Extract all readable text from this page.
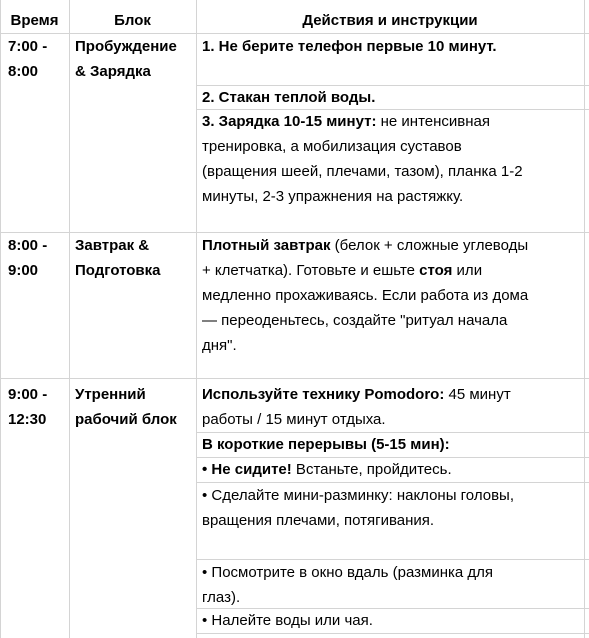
Время	Блок	Действия и инструкции
7:00 -
8:00
Пробуждение
& Зарядка
1. Не берите телефон первые 10 минут.
2. Стакан теплой воды.
3. Зарядка 10-15 минут: не интенсивная
тренировка, а мобилизация суставов
(вращения шеей, плечами, тазом), планка 1-2
минуты, 2-3 упражнения на растяжку.
8:00 -
9:00
Завтрак &
Подготовка
Плотный завтрак (белок + сложные углеводы
+ клетчатка). Готовьте и ешьте стоя или
медленно прохаживаясь. Если работа из дома
— переоденьтесь, создайте "ритуал начала
дня".
9:00 -
12:30
Утренний
рабочий блок
Используйте технику Pomodoro: 45 минут
работы / 15 минут отдыха.
В короткие перерывы (5-15 мин):
• Не сидите! Встаньте, пройдитесь.
• Сделайте мини-разминку: наклоны головы,
вращения плечами, потягивания.
• Посмотрите в окно вдаль (разминка для
глаз).
• Налейте воды или чая.
